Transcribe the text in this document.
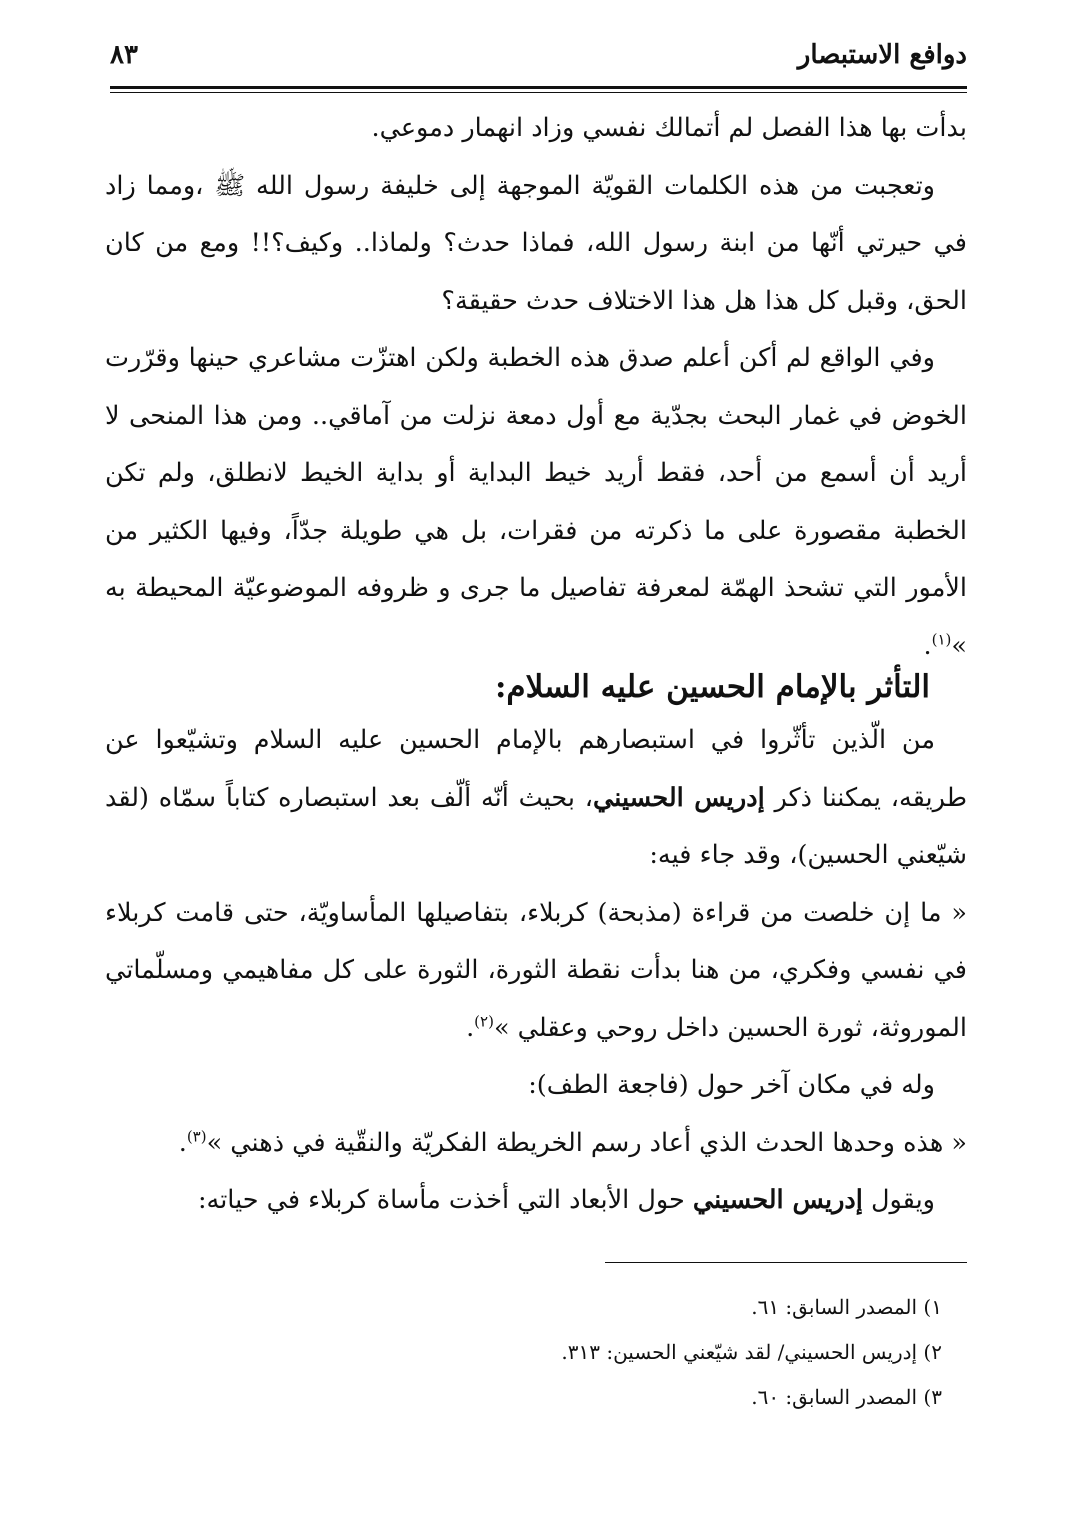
دوافع الاستبصار
٨٣

بدأت بها هذا الفصل لم أتمالك نفسي وزاد انهمار دموعي.

وتعجبت من هذه الكلمات القويّة الموجهة إلى خليفة رسول الله ﷺ ،ومما زاد في حيرتي أنّها من ابنة رسول الله، فماذا حدث؟ ولماذا.. وكيف؟!! ومع من كان الحق، وقبل كل هذا هل هذا الاختلاف حدث حقيقة؟

وفي الواقع لم أكن أعلم صدق هذه الخطبة ولكن اهتزّت مشاعري حينها وقرّرت الخوض في غمار البحث بجدّية مع أول دمعة نزلت من آماقي.. ومن هذا المنحى لا أريد أن أسمع من أحد، فقط أريد خيط البداية أو بداية الخيط لانطلق، ولم تكن الخطبة مقصورة على ما ذكرته من فقرات، بل هي طويلة جدّاً، وفيها الكثير من الأمور التي تشحذ الهمّة لمعرفة تفاصيل ما جرى و ظروفه الموضوعيّة المحيطة به »$^{(١)}$.

التأثر بالإمام الحسين عليه السلام:

من الّذين تأثّروا في استبصارهم بالإمام الحسين عليه السلام وتشيّعوا عن طريقه، يمكننا ذكر إدريس الحسيني، بحيث أنّه ألّف بعد استبصاره كتاباً سمّاه (لقد شيّعني الحسين)، وقد جاء فيه:

« ما إن خلصت من قراءة (مذبحة) كربلاء، بتفاصيلها المأساويّة، حتى قامت كربلاء في نفسي وفكري، من هنا بدأت نقطة الثورة، الثورة على كل مفاهيمي ومسلّماتي الموروثة، ثورة الحسين داخل روحي وعقلي »$^{(٢)}$.

وله في مكان آخر حول (فاجعة الطف):

« هذه وحدها الحدث الذي أعاد رسم الخريطة الفكريّة والنقّية في ذهني »$^{(٣)}$.

ويقول إدريس الحسيني حول الأبعاد التي أخذت مأساة كربلاء في حياته:

١) المصدر السابق: ٦١.

٢) إدريس الحسيني/ لقد شيّعني الحسين: ٣١٣.

٣) المصدر السابق: ٦٠.
